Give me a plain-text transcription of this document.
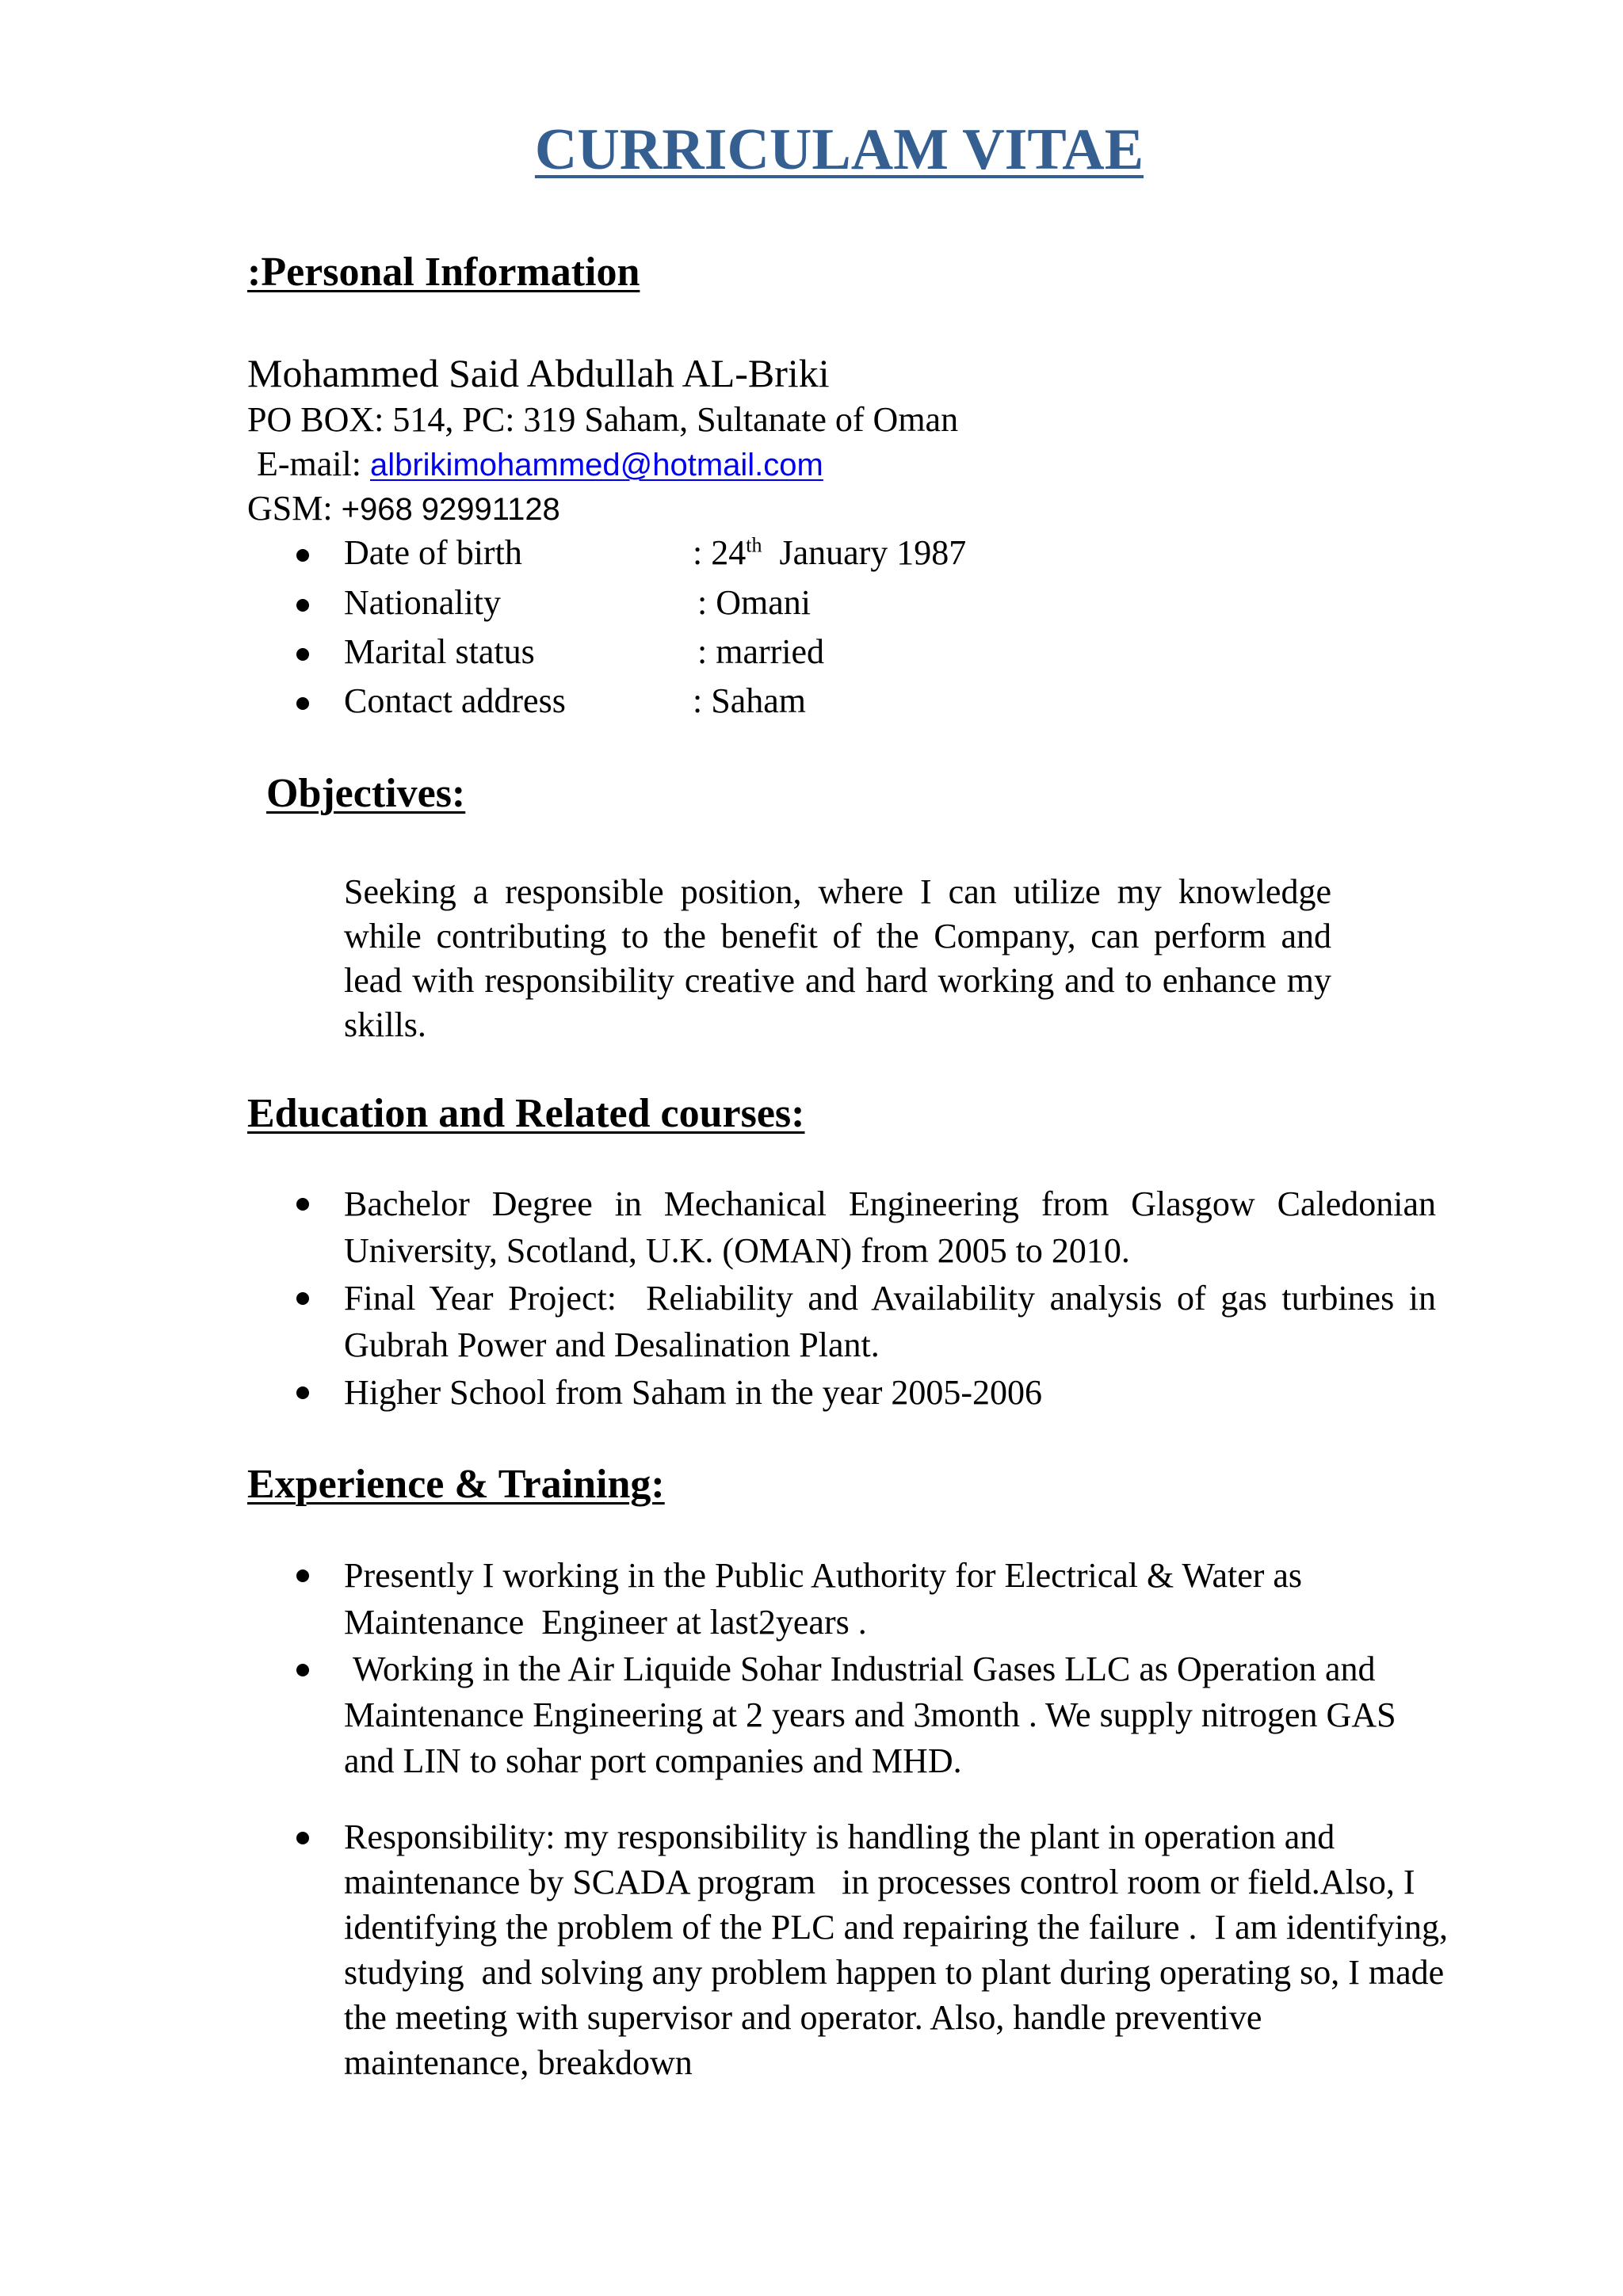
CURRICULAM VITAE
:Personal Information
Mohammed Said Abdullah AL-Briki
PO BOX: 514, PC: 319 Saham, Sultanate of Oman
E-mail: albrikimohammed@hotmail.com
GSM: +968 92991128
Date of birth	: 24th  January 1987
Nationality	: Omani
Marital status	: married
Contact address	: Saham
Objectives:
Seeking a responsible position, where I can utilize my knowledge while contributing to the benefit of the Company, can perform and lead with responsibility creative and hard working and to enhance my skills.
Education and Related courses:
Bachelor Degree in Mechanical Engineering from Glasgow Caledonian University, Scotland, U.K. (OMAN) from 2005 to 2010.
Final Year Project:  Reliability and Availability analysis of gas turbines in Gubrah Power and Desalination Plant.
Higher School from Saham in the year 2005-2006
Experience & Training:
Presently I working in the Public Authority for Electrical & Water as Maintenance  Engineer at last2years .
Working in the Air Liquide Sohar Industrial Gases LLC as Operation and Maintenance Engineering at 2 years and 3month . We supply nitrogen GAS and LIN to sohar port companies and MHD.
Responsibility: my responsibility is handling the plant in operation and maintenance by SCADA program   in processes control room or field.Also, I identifying the problem of the PLC and repairing the failure .  I am identifying, studying  and solving any problem happen to plant during operating so, I made the meeting with supervisor and operator. Also, handle preventive maintenance, breakdown
